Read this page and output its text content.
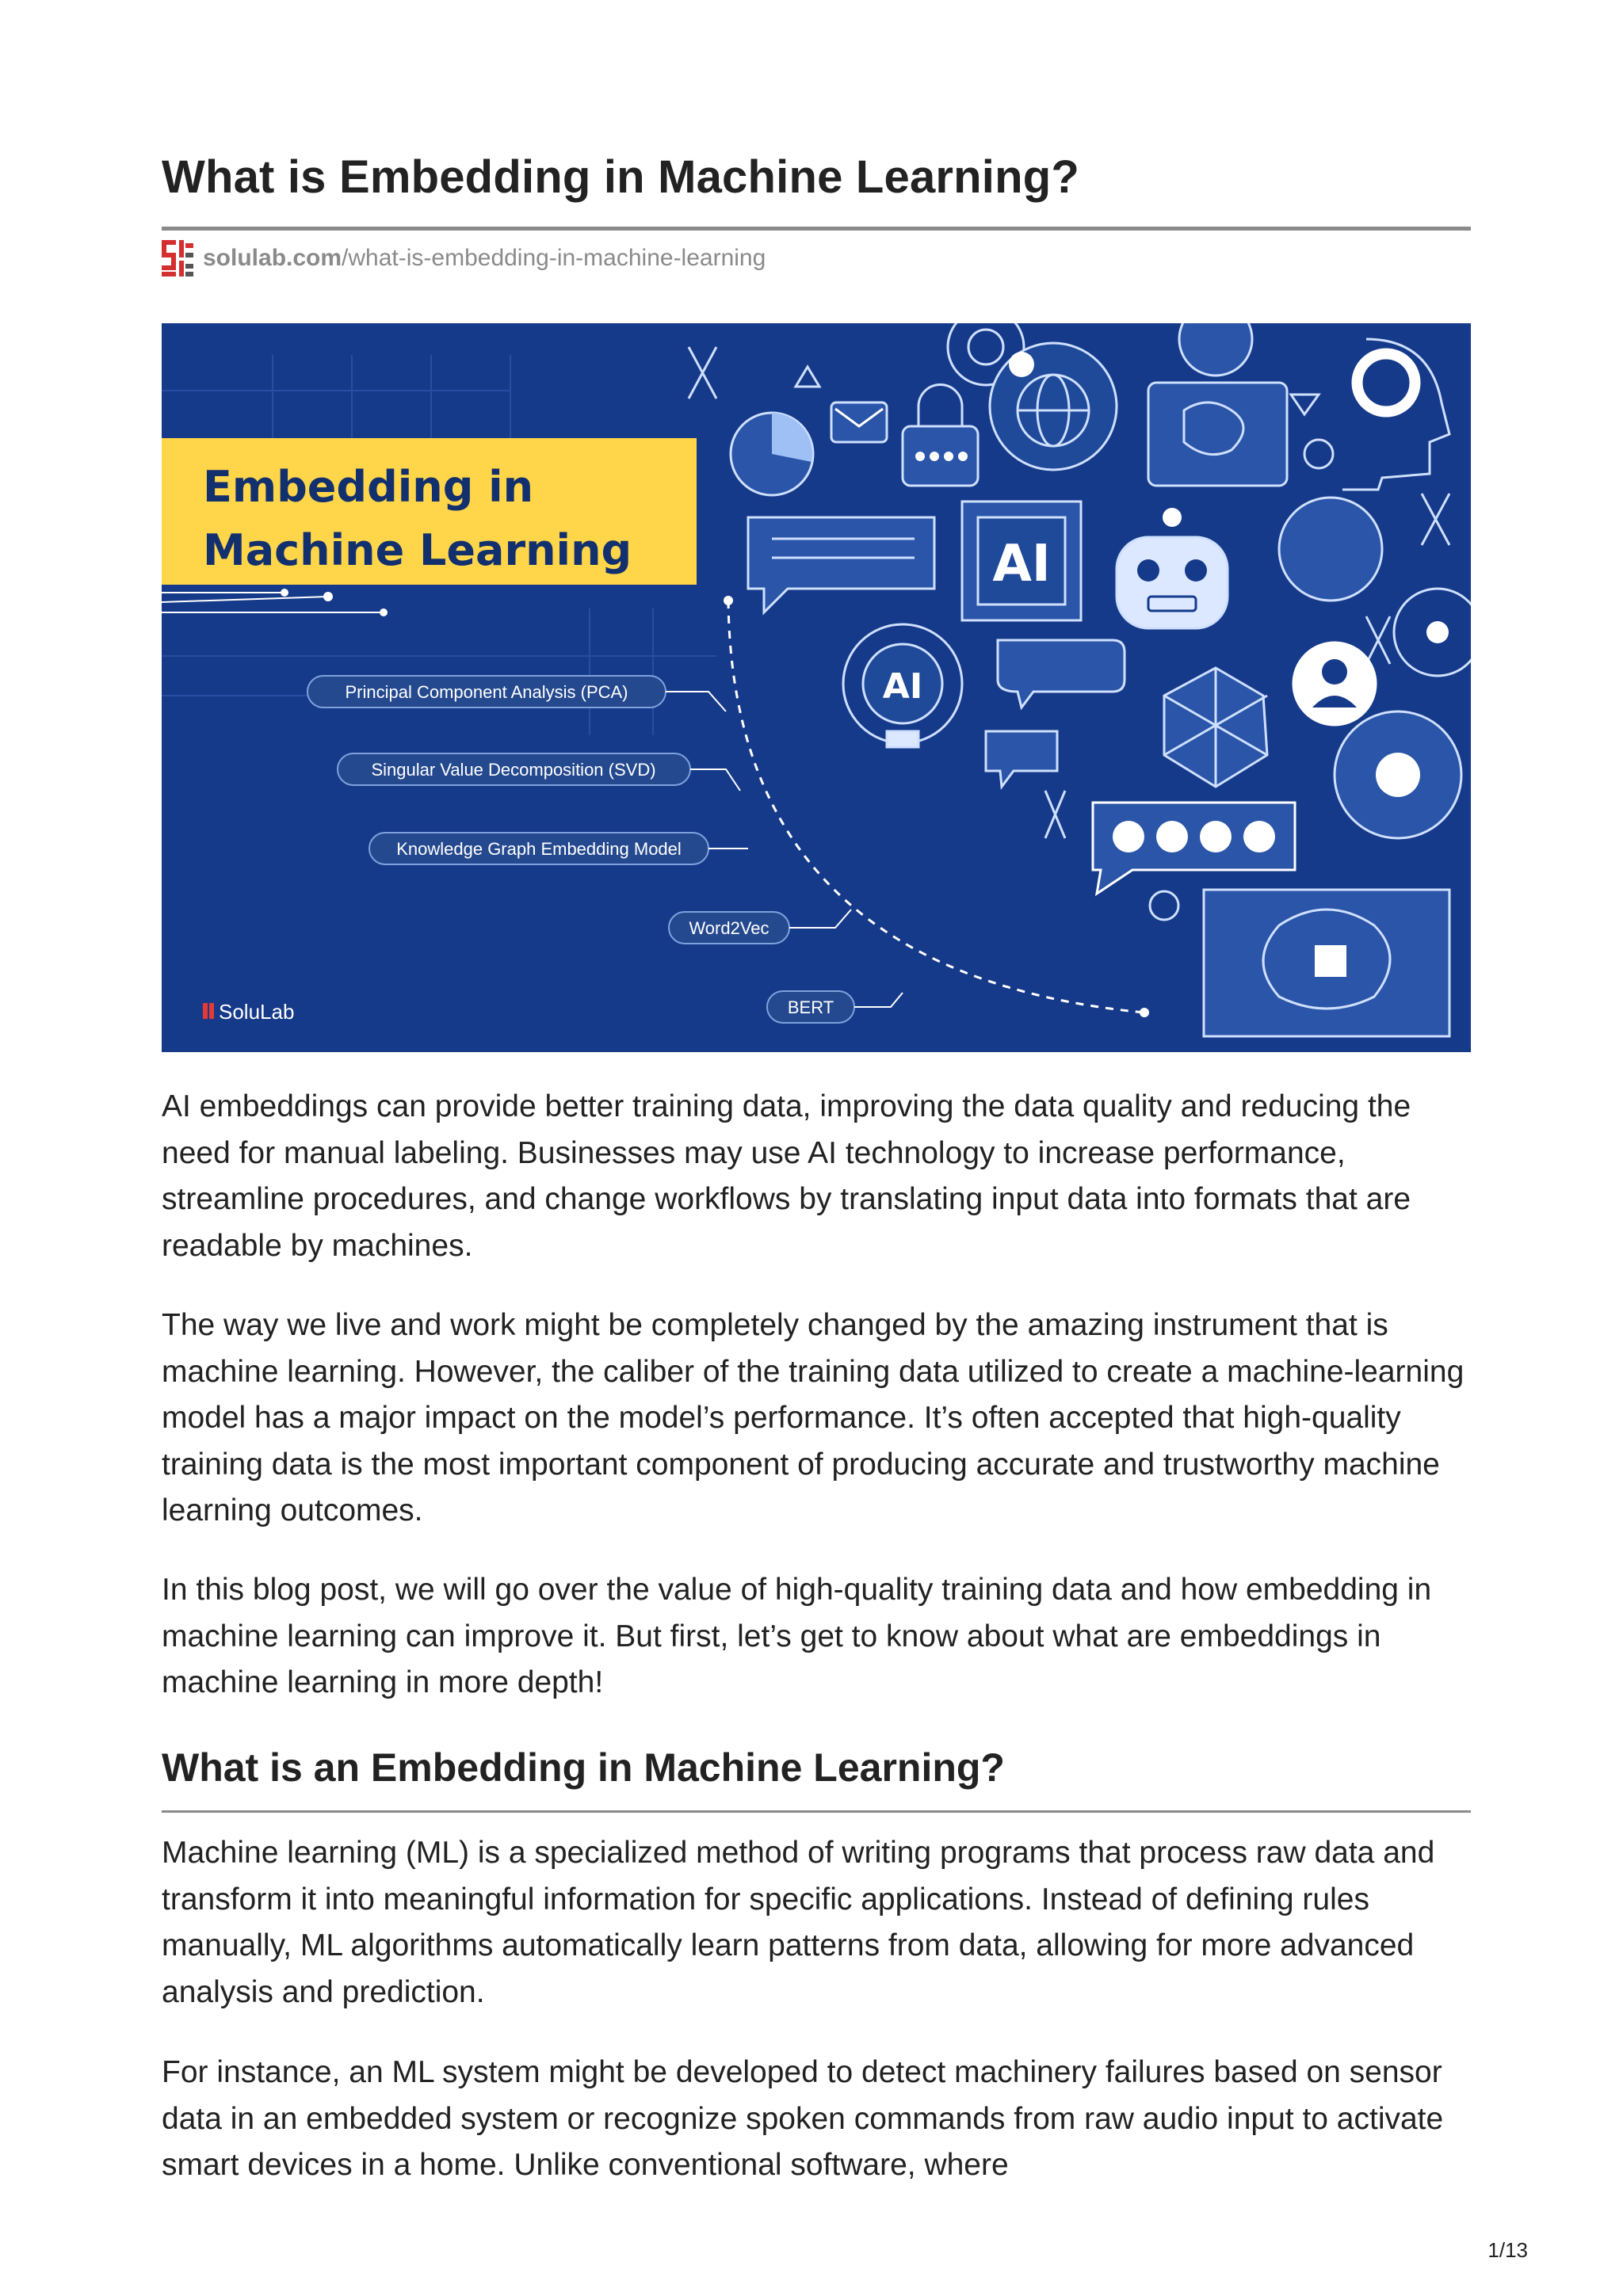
What is Embedding in Machine Learning?
solulab.com /what-is-embedding-in-machine-learning
Embedding in
Machine Learning
Principal Component Analysis (PCA)
Singular Value Decomposition (SVD)
Knowledge Graph Embedding Model
Word2Vec
BERT
SoluLab
AI
AI

AI embeddings can provide better training data, improving the data quality and reducing the need for manual labeling. Businesses may use AI technology to increase performance, streamline procedures, and change workflows by translating input data into formats that are readable by machines.

The way we live and work might be completely changed by the amazing instrument that is machine learning. However, the caliber of the training data utilized to create a machine-learning model has a major impact on the model’s performance. It’s often accepted that high-quality training data is the most important component of producing accurate and trustworthy machine learning outcomes.

In this blog post, we will go over the value of high-quality training data and how embedding in machine learning can improve it. But first, let’s get to know about what are embeddings in machine learning in more depth!

What is an Embedding in Machine Learning?

Machine learning (ML) is a specialized method of writing programs that process raw data and transform it into meaningful information for specific applications. Instead of defining rules manually, ML algorithms automatically learn patterns from data, allowing for more advanced analysis and prediction.

For instance, an ML system might be developed to detect machinery failures based on sensor data in an embedded system or recognize spoken commands from raw audio input to activate smart devices in a home. Unlike conventional software, where

1/13
